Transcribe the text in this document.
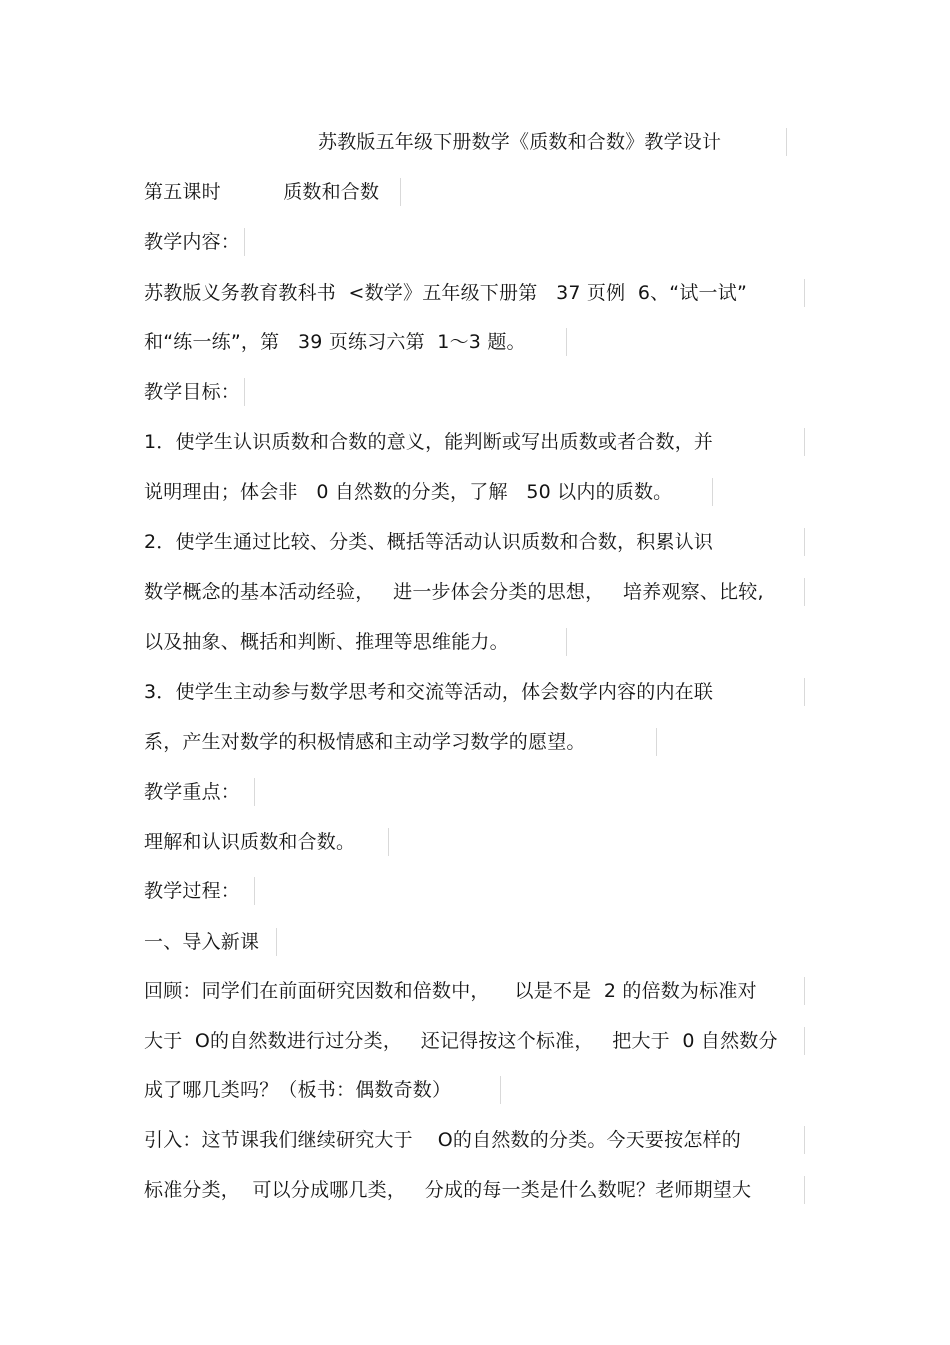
苏教版五年级下册数学《质数和合数》教学设计
第五课时          质数和合数
教学内容：
苏教版义务教育教科书  <数学》五年级下册第   37 页例  6、“试一试”
和“练一练”，第   39 页练习六第  1～3 题。
教学目标：
1．使学生认识质数和合数的意义，能判断或写出质数或者合数，并
说明理由；体会非   0 自然数的分类，了解   50 以内的质数。
2．使学生通过比较、分类、概括等活动认识质数和合数，积累认识
数学概念的基本活动经验，   进一步体会分类的思想，   培养观察、比较,
以及抽象、概括和判断、推理等思维能力。
3．使学生主动参与数学思考和交流等活动，体会数学内容的内在联
系，产生对数学的积极情感和主动学习数学的愿望。
教学重点：
理解和认识质数和合数。
教学过程：
一、导入新课
回顾：同学们在前面研究因数和倍数中，    以是不是  2 的倍数为标准对
大于  O的自然数进行过分类，   还记得按这个标准，   把大于  0 自然数分
成了哪几类吗？（板书：偶数奇数）
引入：这节课我们继续研究大于    O的自然数的分类。今天要按怎样的
标准分类，  可以分成哪几类，   分成的每一类是什么数呢？老师期望大
